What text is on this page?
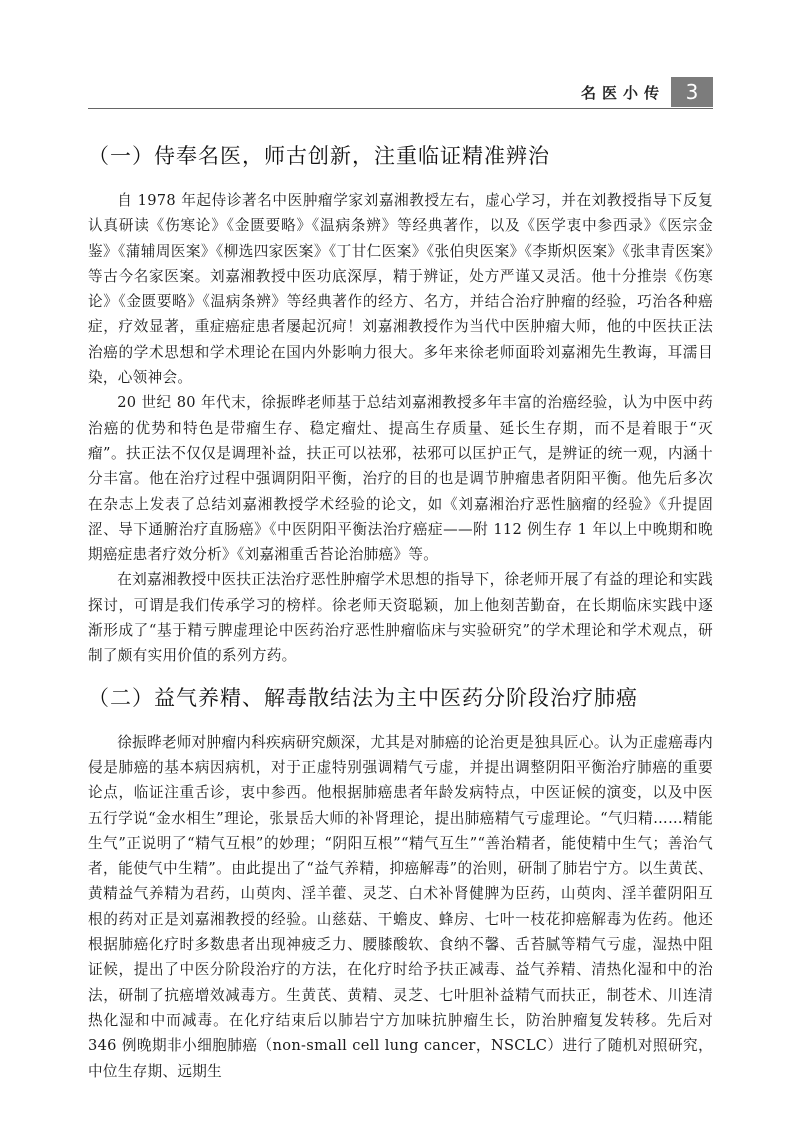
名医小传	3
（一）侍奉名医，师古创新，注重临证精准辨治

自 1978 年起侍诊著名中医肿瘤学家刘嘉湘教授左右，虚心学习，并在刘教授指导下反复认真研读《伤寒论》《金匮要略》《温病条辨》等经典著作，以及《医学衷中参西录》《医宗金鉴》《蒲辅周医案》《柳选四家医案》《丁甘仁医案》《张伯臾医案》《李斯炽医案》《张聿青医案》等古今名家医案。刘嘉湘教授中医功底深厚，精于辨证，处方严谨又灵活。他十分推崇《伤寒论》《金匮要略》《温病条辨》等经典著作的经方、名方，并结合治疗肿瘤的经验，巧治各种癌症，疗效显著，重症癌症患者屡起沉疴！刘嘉湘教授作为当代中医肿瘤大师，他的中医扶正法治癌的学术思想和学术理论在国内外影响力很大。多年来徐老师面聆刘嘉湘先生教诲，耳濡目染，心领神会。

20 世纪 80 年代末，徐振晔老师基于总结刘嘉湘教授多年丰富的治癌经验，认为中医中药治癌的优势和特色是带瘤生存、稳定瘤灶、提高生存质量、延长生存期，而不是着眼于“灭瘤”。扶正法不仅仅是调理补益，扶正可以祛邪，祛邪可以匡护正气，是辨证的统一观，内涵十分丰富。他在治疗过程中强调阴阳平衡，治疗的目的也是调节肿瘤患者阴阳平衡。他先后多次在杂志上发表了总结刘嘉湘教授学术经验的论文，如《刘嘉湘治疗恶性脑瘤的经验》《升提固涩、导下通腑治疗直肠癌》《中医阴阳平衡法治疗癌症——附 112 例生存 1 年以上中晚期和晚期癌症患者疗效分析》《刘嘉湘重舌苔论治肺癌》等。

在刘嘉湘教授中医扶正法治疗恶性肿瘤学术思想的指导下，徐老师开展了有益的理论和实践探讨，可谓是我们传承学习的榜样。徐老师天资聪颖，加上他刻苦勤奋，在长期临床实践中逐渐形成了“基于精亏脾虚理论中医药治疗恶性肿瘤临床与实验研究”的学术理论和学术观点，研制了颇有实用价值的系列方药。

（二）益气养精、解毒散结法为主中医药分阶段治疗肺癌

徐振晔老师对肿瘤内科疾病研究颇深，尤其是对肺癌的论治更是独具匠心。认为正虚癌毒内侵是肺癌的基本病因病机，对于正虚特别强调精气亏虚，并提出调整阴阳平衡治疗肺癌的重要论点，临证注重舌诊，衷中参西。他根据肺癌患者年龄发病特点，中医证候的演变，以及中医五行学说“金水相生”理论，张景岳大师的补肾理论，提出肺癌精气亏虚理论。“气归精……精能生气”正说明了“精气互根”的妙理；“阴阳互根”“精气互生”“善治精者，能使精中生气；善治气者，能使气中生精”。由此提出了“益气养精，抑癌解毒”的治则，研制了肺岩宁方。以生黄芪、黄精益气养精为君药，山萸肉、淫羊藿、灵芝、白术补肾健脾为臣药，山萸肉、淫羊藿阴阳互根的药对正是刘嘉湘教授的经验。山慈菇、干蟾皮、蜂房、七叶一枝花抑癌解毒为佐药。他还根据肺癌化疗时多数患者出现神疲乏力、腰膝酸软、食纳不馨、舌苔腻等精气亏虚，湿热中阻证候，提出了中医分阶段治疗的方法，在化疗时给予扶正减毒、益气养精、清热化湿和中的治法，研制了抗癌增效减毒方。生黄芪、黄精、灵芝、七叶胆补益精气而扶正，制苍术、川连清热化湿和中而减毒。在化疗结束后以肺岩宁方加味抗肿瘤生长，防治肿瘤复发转移。先后对 346 例晚期非小细胞肺癌（non-small cell lung cancer，NSCLC）进行了随机对照研究，中位生存期、远期生
